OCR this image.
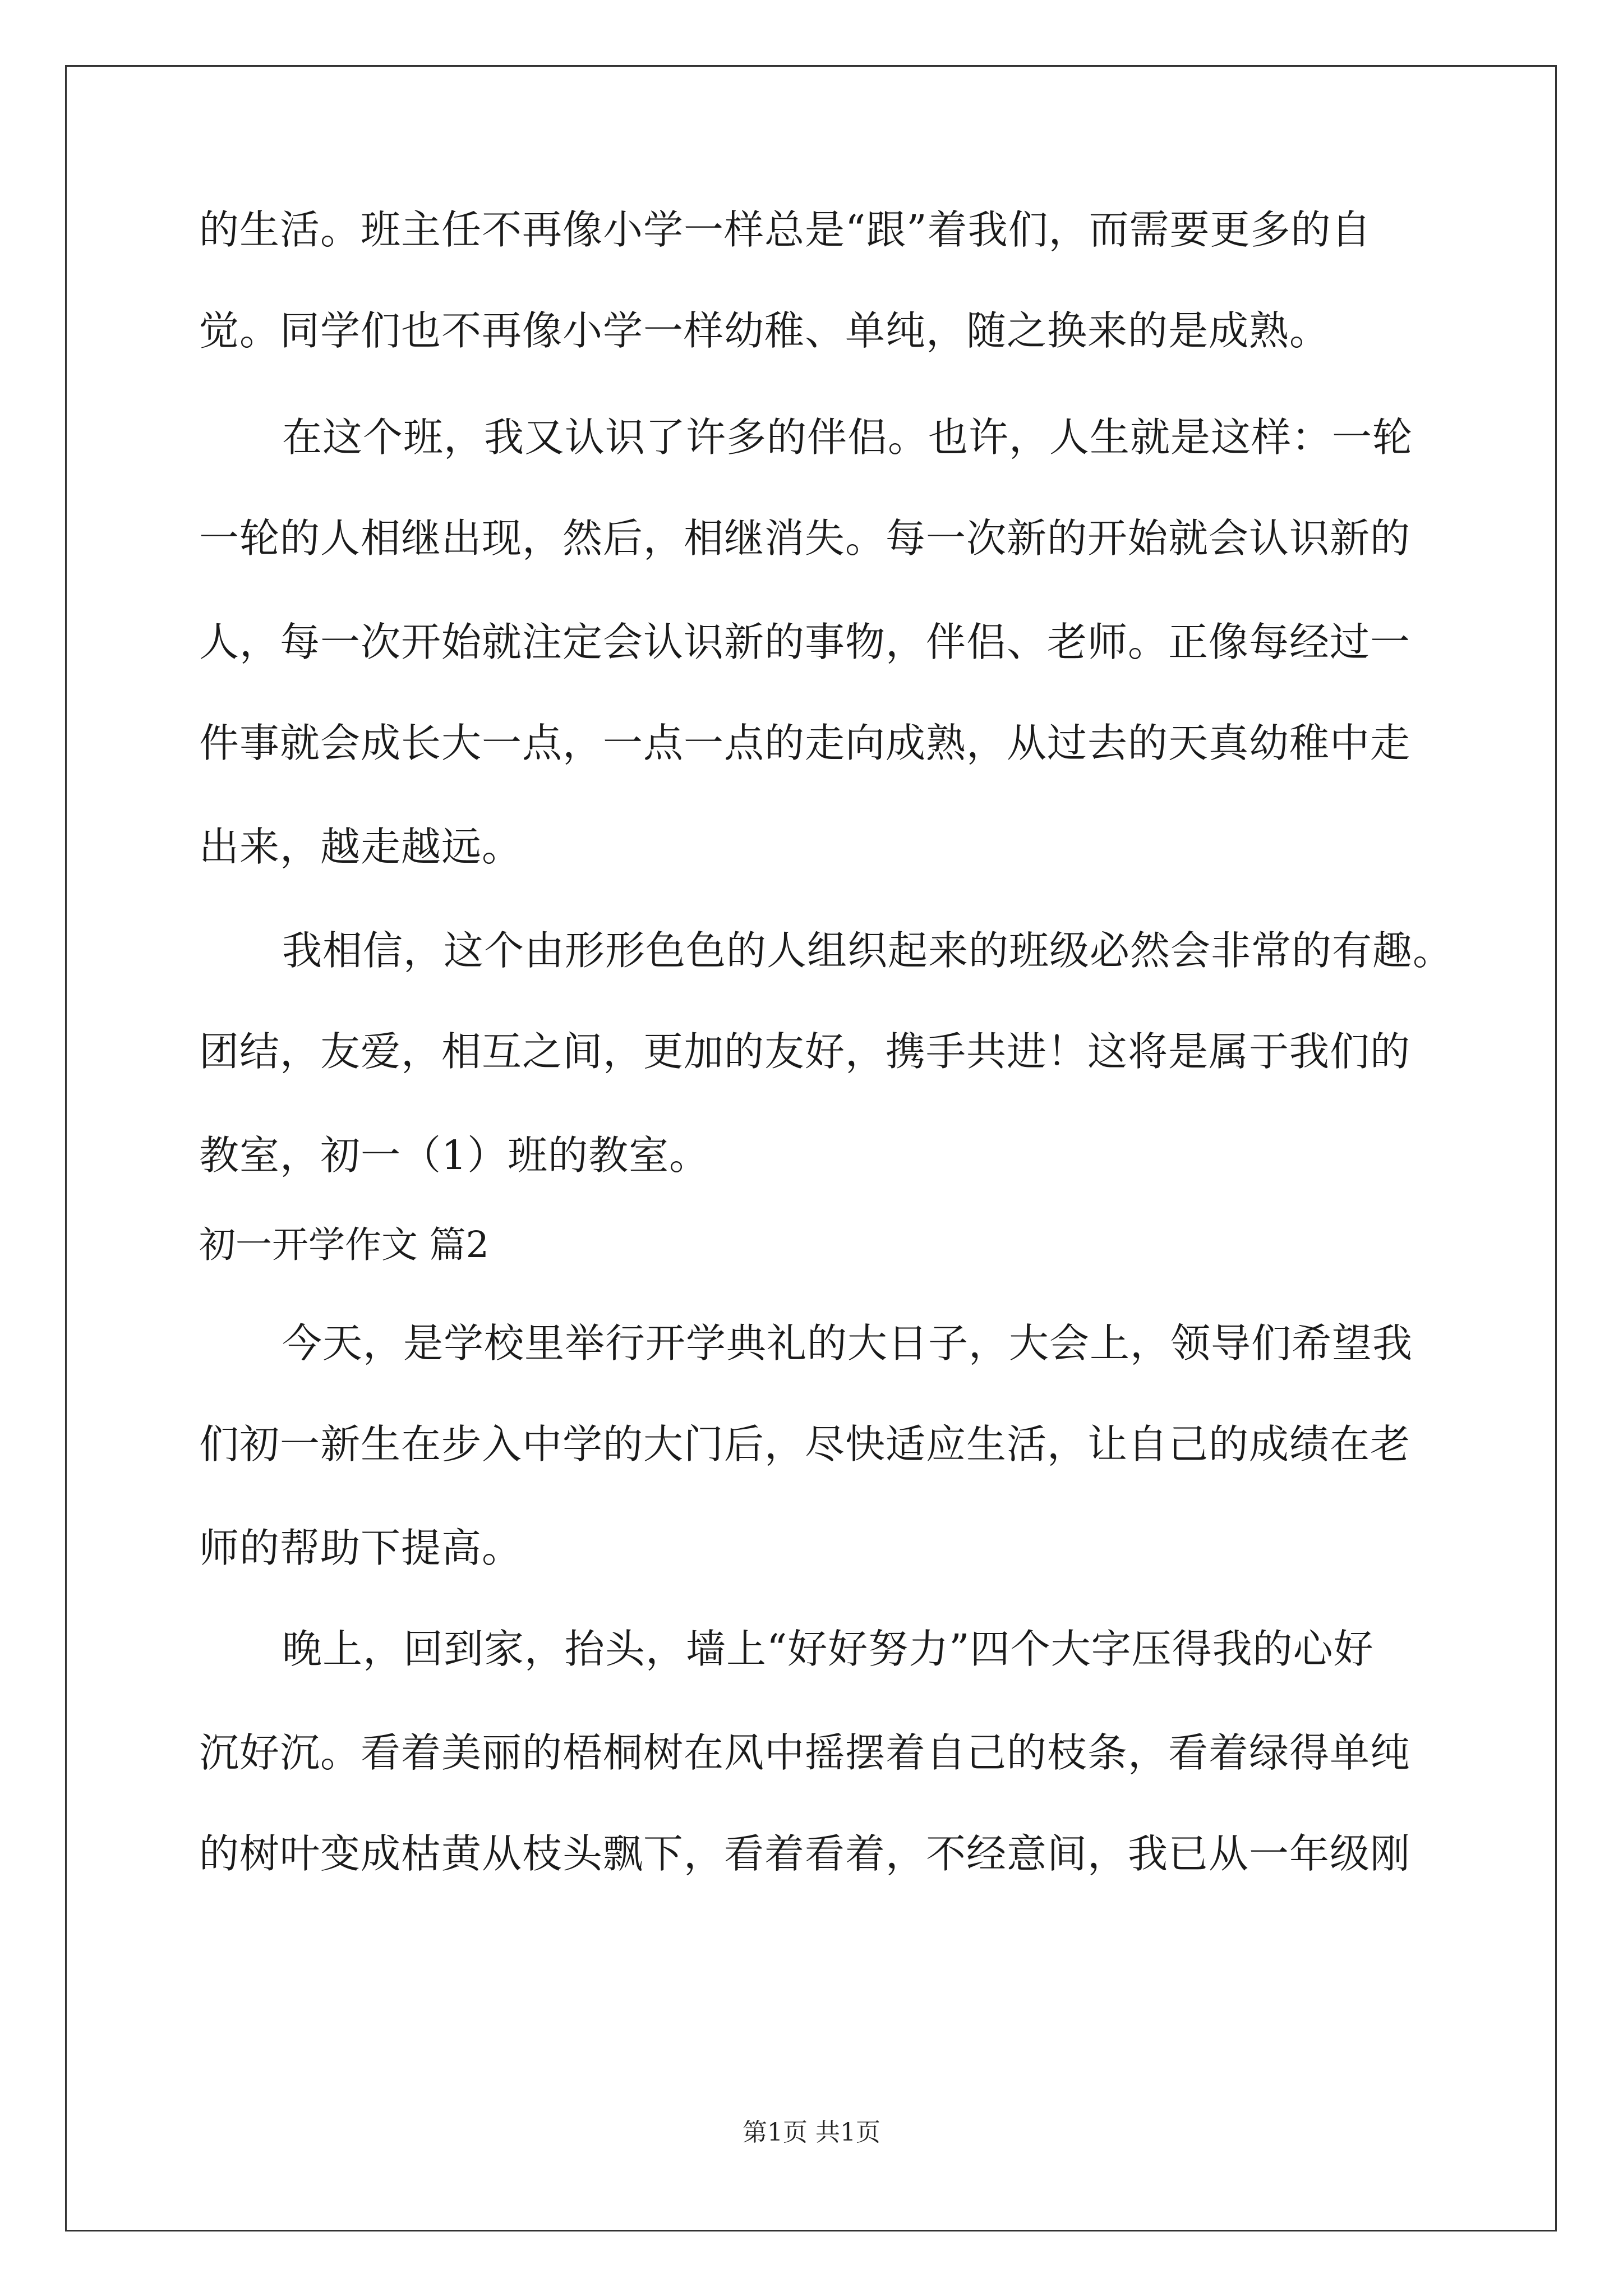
的生活。班主任不再像小学一样总是“跟”着我们，而需要更多的自
觉。同学们也不再像小学一样幼稚、单纯，随之换来的是成熟。
在这个班，我又认识了许多的伴侣。也许，人生就是这样：一轮
一轮的人相继出现，然后，相继消失。每一次新的开始就会认识新的
人，每一次开始就注定会认识新的事物，伴侣、老师。正像每经过一
件事就会成长大一点，一点一点的走向成熟，从过去的天真幼稚中走
出来，越走越远。
我相信，这个由形形色色的人组织起来的班级必然会非常的有趣。
团结，友爱，相互之间，更加的友好，携手共进！这将是属于我们的
教室，初一（1）班的教室。
初一开学作文 篇2
今天，是学校里举行开学典礼的大日子，大会上，领导们希望我
们初一新生在步入中学的大门后，尽快适应生活，让自己的成绩在老
师的帮助下提高。
晚上，回到家，抬头，墙上“好好努力”四个大字压得我的心好
沉好沉。看着美丽的梧桐树在风中摇摆着自己的枝条，看着绿得单纯
的树叶变成枯黄从枝头飘下，看着看着，不经意间，我已从一年级刚
第1页 共1页
